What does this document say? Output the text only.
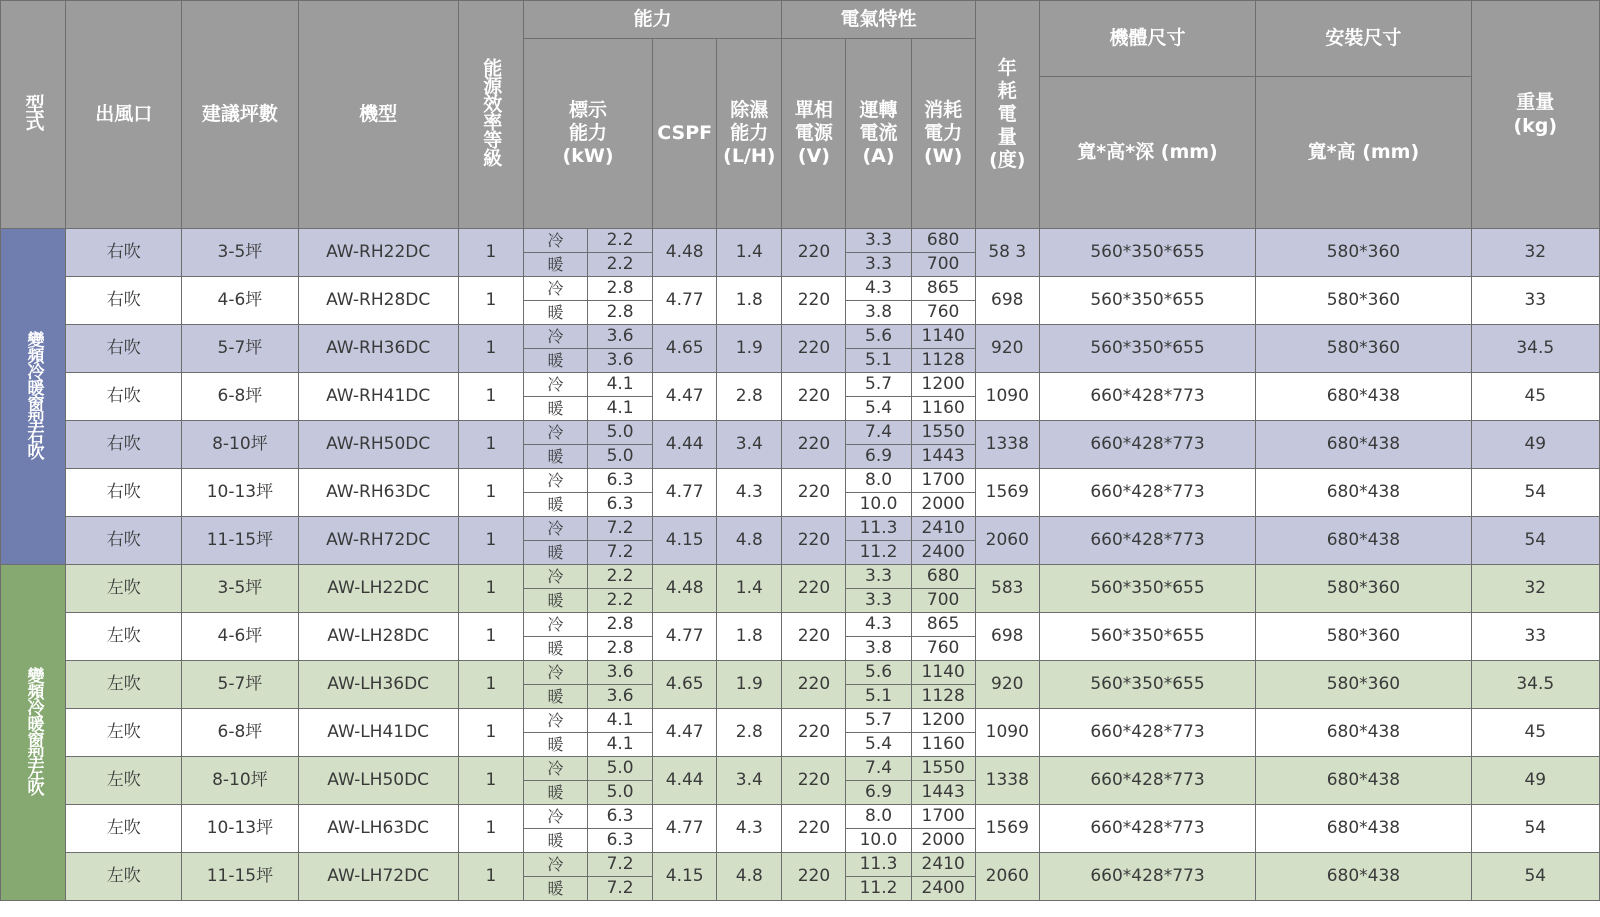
型式	出風口	建議坪數	機型	能源效率等級	能力				電氣特性			年
耗
電
量
(度)	機體尺寸	安裝尺寸	重量
(kg)

					標示
能力
(kW)		CSPF	除濕
能力
(L/H)	單相
電源
(V)	運轉
電流
(A)	消耗
電力
(W)				

													寬*高*深 (mm)	寬*高 (mm)	
變頻冷暖窗型右吹	右吹	3-5坪	AW-RH22DC	1	冷	2.2	4.48	1.4	220	3.3	680	58 3	560*350*655	580*360	32
					暖	2.2				3.3	700				
	右吹	4-6坪	AW-RH28DC	1	冷	2.8	4.77	1.8	220	4.3	865	698	560*350*655	580*360	33
					暖	2.8				3.8	760				
	右吹	5-7坪	AW-RH36DC	1	冷	3.6	4.65	1.9	220	5.6	1140	920	560*350*655	580*360	34.5
					暖	3.6				5.1	1128				
	右吹	6-8坪	AW-RH41DC	1	冷	4.1	4.47	2.8	220	5.7	1200	1090	660*428*773	680*438	45
					暖	4.1				5.4	1160				
	右吹	8-10坪	AW-RH50DC	1	冷	5.0	4.44	3.4	220	7.4	1550	1338	660*428*773	680*438	49
					暖	5.0				6.9	1443				
	右吹	10-13坪	AW-RH63DC	1	冷	6.3	4.77	4.3	220	8.0	1700	1569	660*428*773	680*438	54
					暖	6.3				10.0	2000				
	右吹	11-15坪	AW-RH72DC	1	冷	7.2	4.15	4.8	220	11.3	2410	2060	660*428*773	680*438	54
					暖	7.2				11.2	2400				
變頻冷暖窗型左吹	左吹	3-5坪	AW-LH22DC	1	冷	2.2	4.48	1.4	220	3.3	680	583	560*350*655	580*360	32
					暖	2.2				3.3	700				
	左吹	4-6坪	AW-LH28DC	1	冷	2.8	4.77	1.8	220	4.3	865	698	560*350*655	580*360	33
					暖	2.8				3.8	760				
	左吹	5-7坪	AW-LH36DC	1	冷	3.6	4.65	1.9	220	5.6	1140	920	560*350*655	580*360	34.5
					暖	3.6				5.1	1128				
	左吹	6-8坪	AW-LH41DC	1	冷	4.1	4.47	2.8	220	5.7	1200	1090	660*428*773	680*438	45
					暖	4.1				5.4	1160				
	左吹	8-10坪	AW-LH50DC	1	冷	5.0	4.44	3.4	220	7.4	1550	1338	660*428*773	680*438	49
					暖	5.0				6.9	1443				
	左吹	10-13坪	AW-LH63DC	1	冷	6.3	4.77	4.3	220	8.0	1700	1569	660*428*773	680*438	54
					暖	6.3				10.0	2000				
	左吹	11-15坪	AW-LH72DC	1	冷	7.2	4.15	4.8	220	11.3	2410	2060	660*428*773	680*438	54
					暖	7.2				11.2	2400				
